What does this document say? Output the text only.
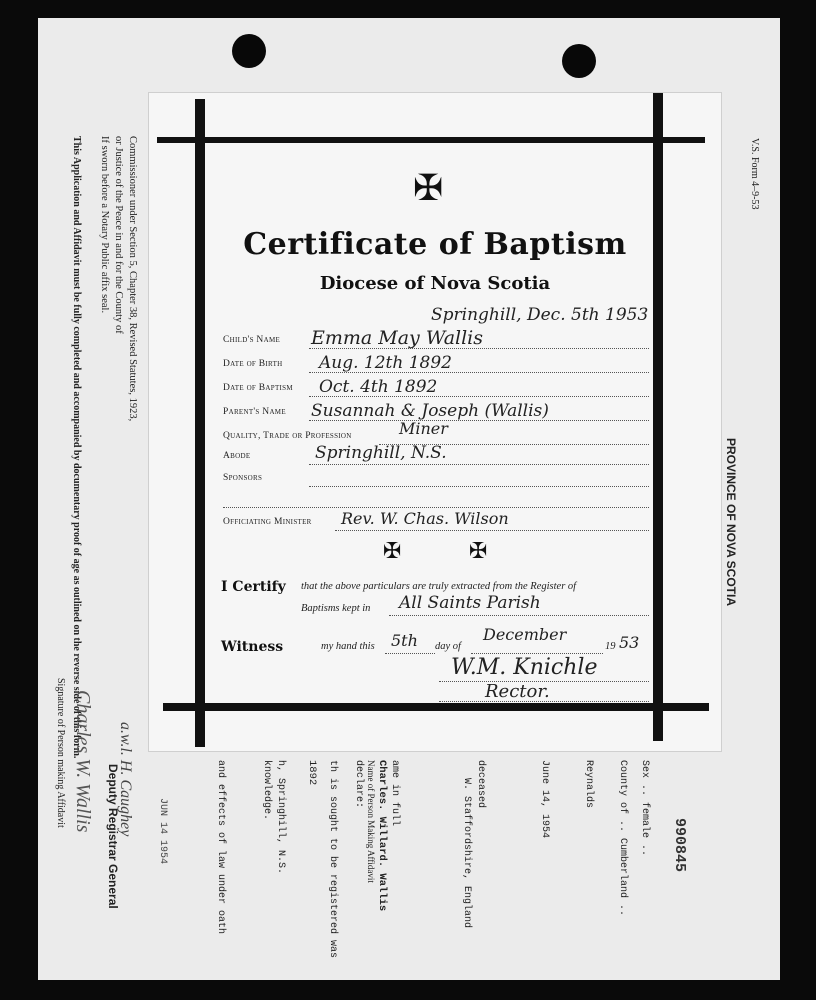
V.S. Form 4–9-53
PROVINCE OF NOVA SCOTIA
990845
Commissioner under Section 5, Chapter 38, Revised Statutes, 1923,
or Justice of the Peace in and for the County of
If sworn before a Notary Public affix seal.
This Application and Affidavit must be fully completed and accompanied by documentary proof of age as outlined on the reverse side of this form.
Signature of Person making Affidavit Charles W. Wallis a.w.l. H. Caughey
Deputy Registrar General	JUN 14 1954	Sex .. female ..
County of .. Cumberland ..
Reynalds
June 14, 1954
deceased
W. Staffordshire, England
ame in full
Charles. Willard. Wallis
Name of Person Making Affidavit
declare:
th is sought to be registered was
1892
h, Springhill, N.S.
knowledge.
and effects of law under oath
✠
Certificate of Baptism
Diocese of Nova Scotia
Springhill, Dec. 5th 1953
Child's Name Emma May Wallis
Date of Birth Aug. 12th 1892
Date of Baptism Oct. 4th 1892
Parent's Name Susannah & Joseph (Wallis)
Quality, Trade or Profession	Miner
Abode	Springhill, N.S.
Sponsors
Officiating Minister Rev. W. Chas. Wilson
✠	✠
I Certify that the above particulars are truly extracted from the Register of
Baptisms kept in All Saints Parish
Witness	my hand this 5th day of
December
19 53
W.M. Knichle
Rector.
